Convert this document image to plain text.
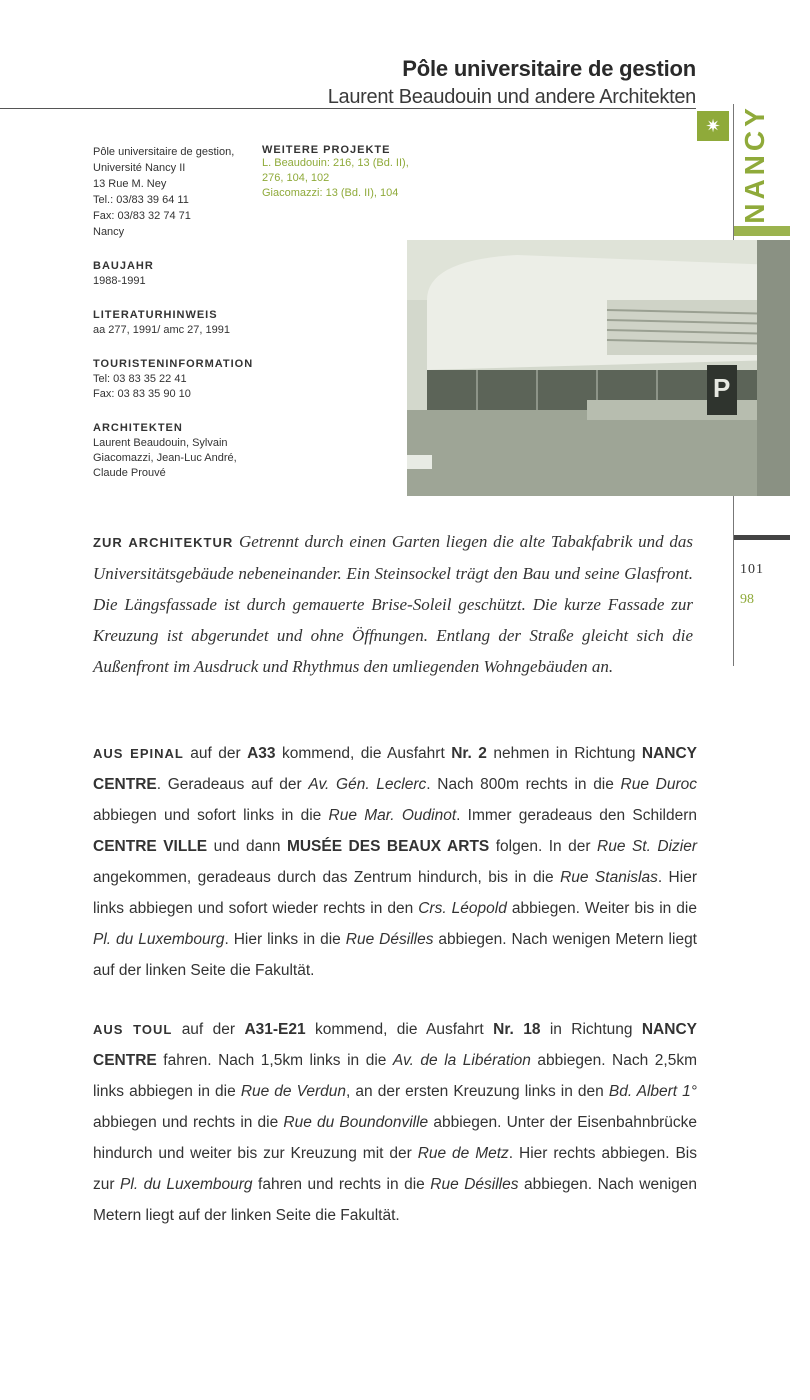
Pôle universitaire de gestion
Laurent Beaudouin und andere Architekten
✷ NANCY
101
98
Pôle universitaire de gestion,
Université Nancy II
13 Rue M. Ney
Tel.: 03/83 39 64 11
Fax: 03/83 32 74 71
Nancy
BAUJAHR
1988-1991
LITERATURHINWEIS
aa 277, 1991/ amc 27, 1991
TOURISTENINFORMATION
Tel: 03 83 35 22 41
Fax: 03 83 35 90 10
ARCHITEKTEN
Laurent Beaudouin, Sylvain
Giacomazzi, Jean-Luc André,
Claude Prouvé
WEITERE PROJEKTE
L. Beaudouin: 216, 13 (Bd. II),
276, 104, 102
Giacomazzi: 13 (Bd. II), 104
P
ZUR ARCHITEKTUR Getrennt durch einen Garten liegen die alte Tabakfabrik und das Universitätsgebäude nebeneinander. Ein Steinsockel trägt den Bau und seine Glasfront. Die Längsfassade ist durch gemauerte Brise-Soleil geschützt. Die kurze Fassade zur Kreuzung ist abgerundet und ohne Öffnungen. Entlang der Straße gleicht sich die Außenfront im Ausdruck und Rhythmus den umliegenden Wohngebäuden an.
AUS EPINAL auf der A33 kommend, die Ausfahrt Nr. 2 nehmen in Richtung NANCY CENTRE. Geradeaus auf der Av. Gén. Leclerc. Nach 800m rechts in die Rue Duroc abbiegen und sofort links in die Rue Mar. Oudinot. Immer geradeaus den Schildern CENTRE VILLE und dann MUSÉE DES BEAUX ARTS folgen. In der Rue St. Dizier angekommen, geradeaus durch das Zentrum hindurch, bis in die Rue Stanislas. Hier links abbiegen und sofort wieder rechts in den Crs. Léopold abbiegen. Weiter bis in die Pl. du Luxembourg. Hier links in die Rue Désilles abbiegen. Nach wenigen Metern liegt auf der linken Seite die Fakultät.
AUS TOUL auf der A31-E21 kommend, die Ausfahrt Nr. 18 in Richtung NANCY CENTRE fahren. Nach 1,5km links in die Av. de la Libération abbiegen. Nach 2,5km links abbiegen in die Rue de Verdun, an der ersten Kreuzung links in den Bd. Albert 1° abbiegen und rechts in die Rue du Boundonville abbiegen. Unter der Eisenbahnbrücke hindurch und weiter bis zur Kreuzung mit der Rue de Metz. Hier rechts abbiegen. Bis zur Pl. du Luxembourg fahren und rechts in die Rue Désilles abbiegen. Nach wenigen Metern liegt auf der linken Seite die Fakultät.
